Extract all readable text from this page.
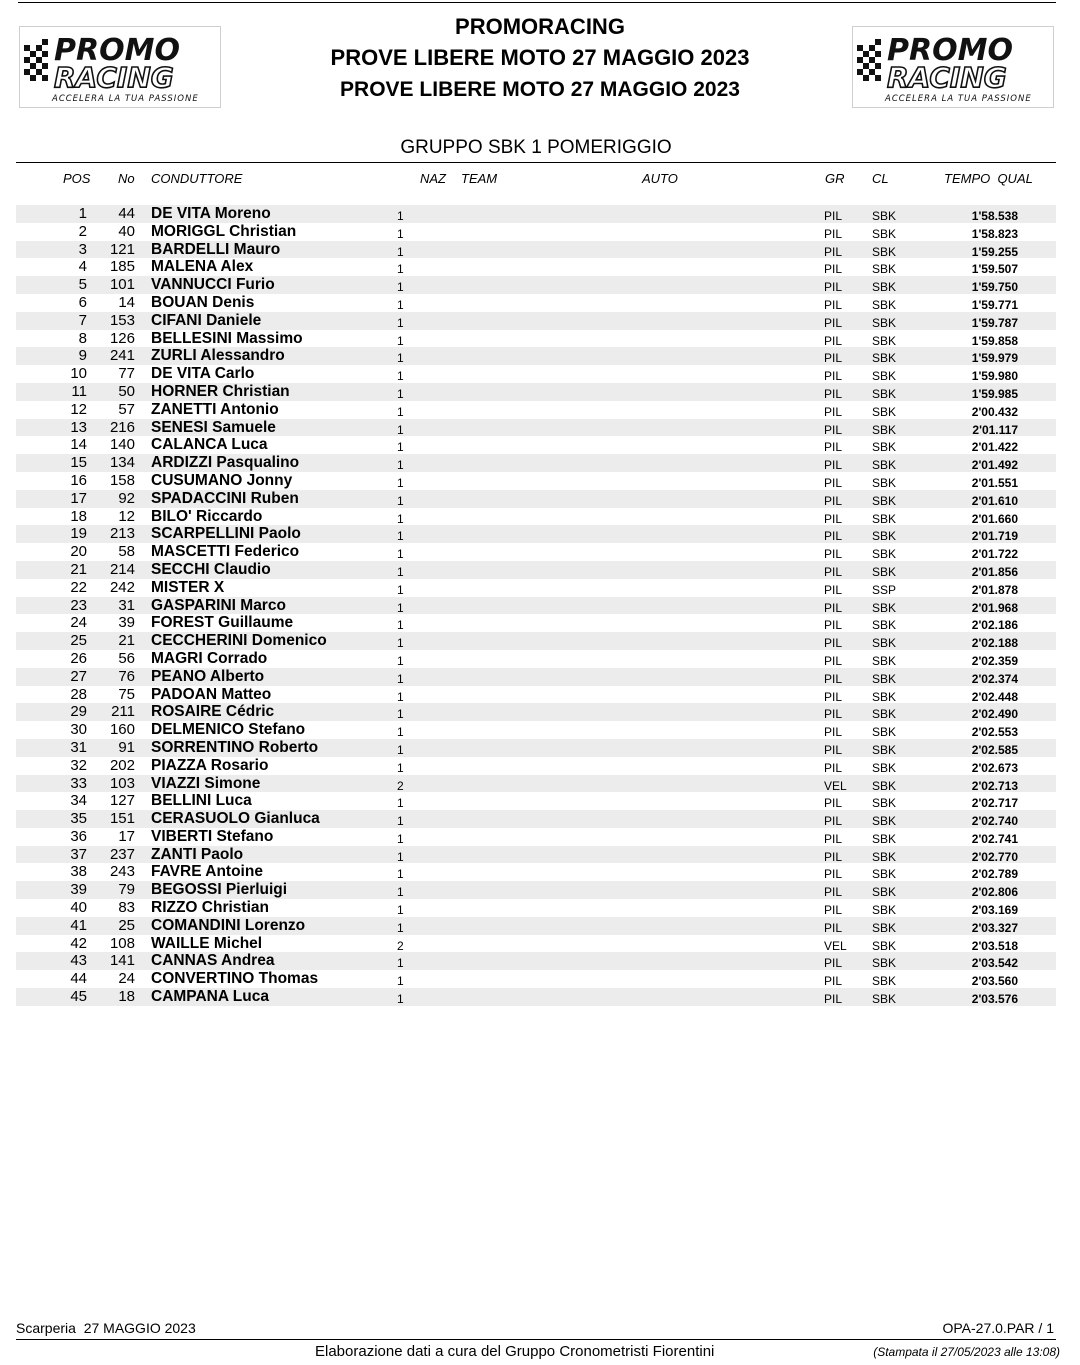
PROMO
RACING
ACCELERA LA TUA PASSIONE
PROMO
RACING
ACCELERA LA TUA PASSIONE
PROMORACING
PROVE LIBERE MOTO 27 MAGGIO 2023
PROVE LIBERE MOTO 27 MAGGIO 2023
GRUPPO SBK 1 POMERIGGIO
POS No CONDUTTORE	NAZ TEAM	AUTO	GR CL	TEMPO  QUAL
1	44 DE VITA Moreno	1	PIL SBK	1'58.538
2	40 MORIGGL Christian	1	PIL SBK	1'58.823
3	121 BARDELLI Mauro	1	PIL SBK	1'59.255
4	185 MALENA Alex	1	PIL SBK	1'59.507
5	101 VANNUCCI Furio	1	PIL SBK	1'59.750
6	14 BOUAN Denis	1	PIL SBK	1'59.771
7	153 CIFANI Daniele	1	PIL SBK	1'59.787
8	126 BELLESINI Massimo	1	PIL SBK	1'59.858
9	241 ZURLI Alessandro	1	PIL SBK	1'59.979
10	77 DE VITA Carlo	1	PIL SBK	1'59.980
11	50 HORNER Christian	1	PIL SBK	1'59.985
12	57 ZANETTI Antonio	1	PIL SBK	2'00.432
13	216 SENESI Samuele	1	PIL SBK	2'01.117
14	140 CALANCA Luca	1	PIL SBK	2'01.422
15	134 ARDIZZI Pasqualino	1	PIL SBK	2'01.492
16	158 CUSUMANO Jonny	1	PIL SBK	2'01.551
17	92 SPADACCINI Ruben	1	PIL SBK	2'01.610
18	12 BILO' Riccardo	1	PIL SBK	2'01.660
19	213 SCARPELLINI Paolo	1	PIL SBK	2'01.719
20	58 MASCETTI Federico	1	PIL SBK	2'01.722
21	214 SECCHI Claudio	1	PIL SBK	2'01.856
22	242 MISTER X	1	PIL SSP	2'01.878
23	31 GASPARINI Marco	1	PIL SBK	2'01.968
24	39 FOREST Guillaume	1	PIL SBK	2'02.186
25	21 CECCHERINI Domenico	1	PIL SBK	2'02.188
26	56 MAGRI Corrado	1	PIL SBK	2'02.359
27	76 PEANO Alberto	1	PIL SBK	2'02.374
28	75 PADOAN Matteo	1	PIL SBK	2'02.448
29	211 ROSAIRE Cédric	1	PIL SBK	2'02.490
30	160 DELMENICO Stefano	1	PIL SBK	2'02.553
31	91 SORRENTINO Roberto	1	PIL SBK	2'02.585
32	202 PIAZZA Rosario	1	PIL SBK	2'02.673
33	103 VIAZZI Simone	2	VEL SBK	2'02.713
34	127 BELLINI Luca	1	PIL SBK	2'02.717
35	151 CERASUOLO Gianluca	1	PIL SBK	2'02.740
36	17 VIBERTI Stefano	1	PIL SBK	2'02.741
37	237 ZANTI Paolo	1	PIL SBK	2'02.770
38	243 FAVRE Antoine	1	PIL SBK	2'02.789
39	79 BEGOSSI Pierluigi	1	PIL SBK	2'02.806
40	83 RIZZO Christian	1	PIL SBK	2'03.169
41	25 COMANDINI Lorenzo	1	PIL SBK	2'03.327
42	108 WAILLE Michel	2	VEL SBK	2'03.518
43	141 CANNAS Andrea	1	PIL SBK	2'03.542
44	24 CONVERTINO Thomas	1	PIL SBK	2'03.560
45	18 CAMPANA Luca	1	PIL SBK	2'03.576
Scarperia  27 MAGGIO 2023	OPA-27.0.PAR / 1
Elaborazione dati a cura del Gruppo Cronometristi Fiorentini	(Stampata il 27/05/2023 alle 13:08)
